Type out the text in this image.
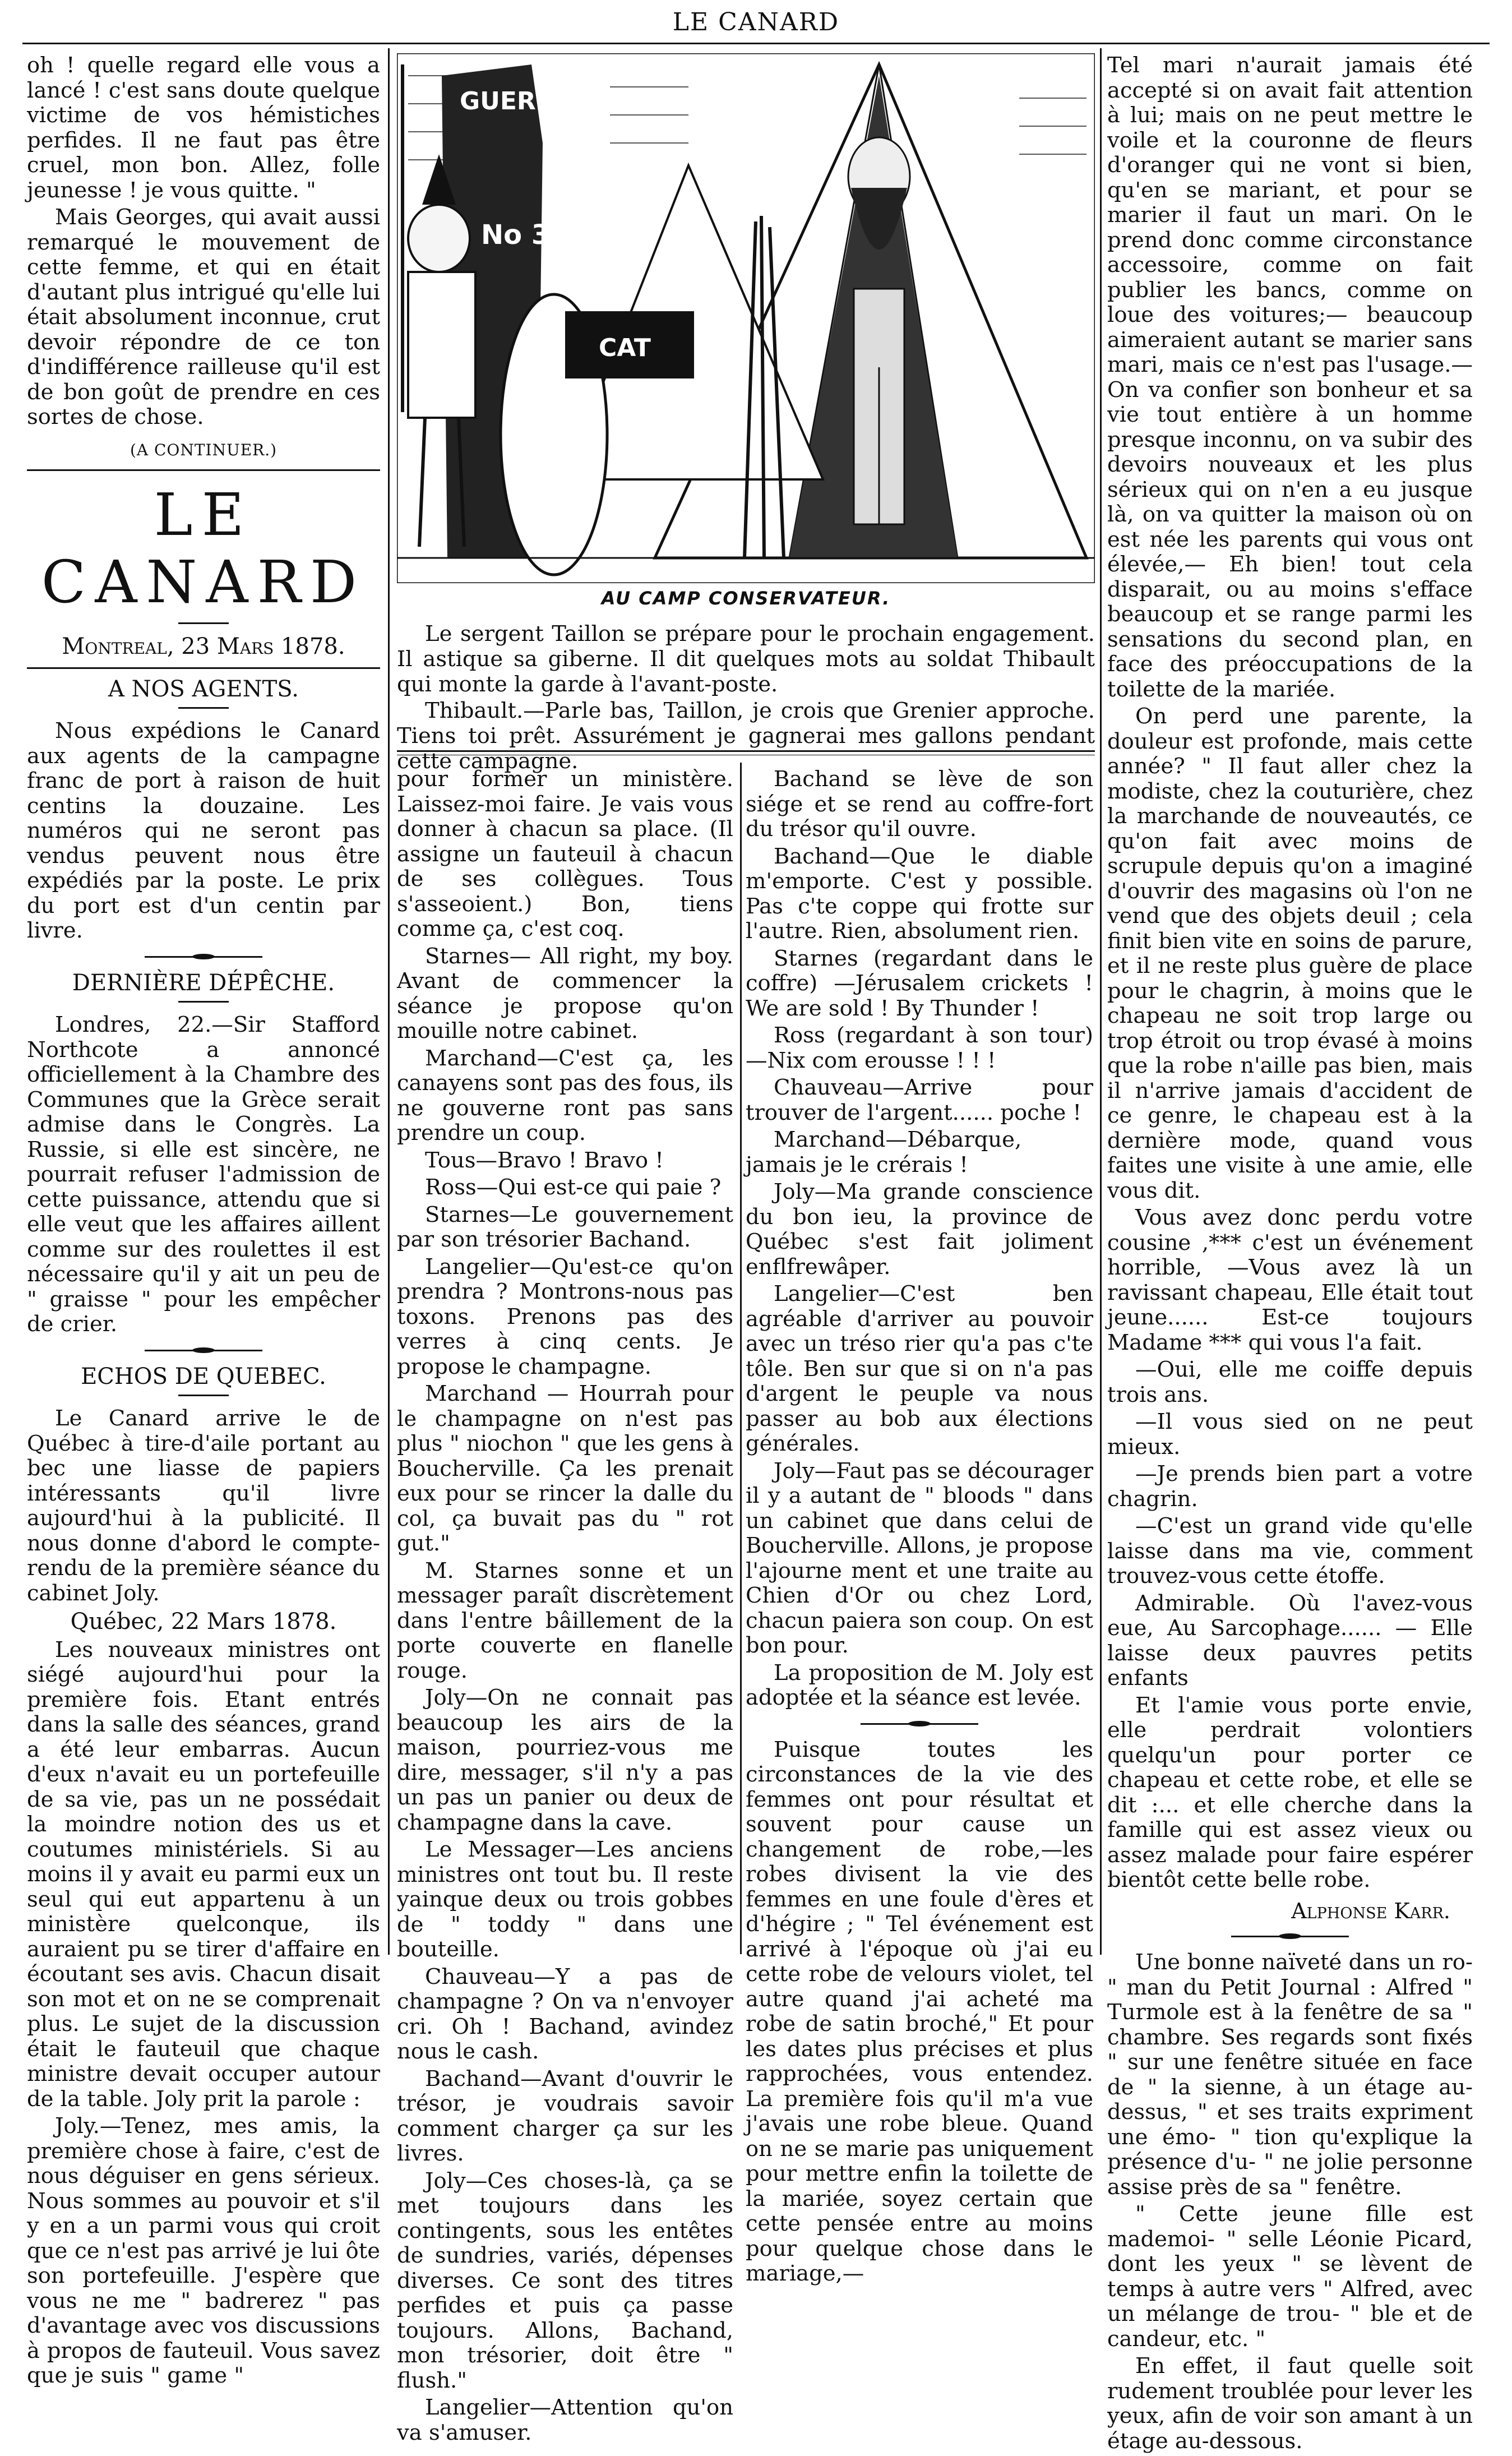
LE CANARD

oh ! quelle regard elle vous a lancé ! c'est sans doute quelque victime de vos hémistiches perfides. Il ne faut pas être cruel, mon bon. Allez, folle jeunesse ! je vous quitte. "

Mais Georges, qui avait aussi remarqué le mouvement de cette femme, et qui en était d'autant plus intrigué qu'elle lui était absolument inconnue, crut devoir répondre de ce ton d'indifférence railleuse qu'il est de bon goût de prendre en ces sortes de chose.

(A CONTINUER.)
LE CANARD
Montreal, 23 Mars 1878.
A NOS AGENTS.

Nous expédions le Canard aux agents de la campagne franc de port à raison de huit centins la douzaine. Les numéros qui ne seront pas vendus peuvent nous être expédiés par la poste. Le prix du port est d'un centin par livre.

DERNIÈRE DÉPÊCHE.

Londres, 22.—Sir Stafford Northcote a annoncé officiellement à la Chambre des Communes que la Grèce serait admise dans le Congrès. La Russie, si elle est sincère, ne pourrait refuser l'admission de cette puissance, attendu que si elle veut que les affaires aillent comme sur des roulettes il est nécessaire qu'il y ait un peu de " graisse " pour les empêcher de crier.

ECHOS DE QUEBEC.

Le Canard arrive le de Québec à tire-d'aile portant au bec une liasse de papiers intéressants qu'il livre aujourd'hui à la publicité. Il nous donne d'abord le compte-rendu de la première séance du cabinet Joly.

Québec, 22 Mars 1878.

Les nouveaux ministres ont siégé aujourd'hui pour la première fois. Etant entrés dans la salle des séances, grand a été leur embarras. Aucun d'eux n'avait eu un portefeuille de sa vie, pas un ne possédait la moindre notion des us et coutumes ministériels. Si au moins il y avait eu parmi eux un seul qui eut appartenu à un ministère quelconque, ils auraient pu se tirer d'affaire en écoutant ses avis. Chacun disait son mot et on ne se comprenait plus. Le sujet de la discussion était le fauteuil que chaque ministre devait occuper autour de la table. Joly prit la parole :

Joly.—Tenez, mes amis, la première chose à faire, c'est de nous déguiser en gens sérieux. Nous sommes au pouvoir et s'il y en a un parmi vous qui croit que ce n'est pas arrivé je lui ôte son portefeuille. J'espère que vous ne me " badrerez " pas d'avantage avec vos discussions à propos de fauteuil. Vous savez que je suis " game "

GUERITE
No 36
CAT
AU CAMP CONSERVATEUR.

Le sergent Taillon se prépare pour le prochain engagement. Il astique sa giberne. Il dit quelques mots au soldat Thibault qui monte la garde à l'avant-poste.

Thibault.—Parle bas, Taillon, je crois que Grenier approche. Tiens toi prêt. Assurément je gagnerai mes gallons pendant cette campagne.

pour former un ministère. Laissez-moi faire. Je vais vous donner à chacun sa place. (Il assigne un fauteuil à chacun de ses collègues. Tous s'asseoient.) Bon, tiens comme ça, c'est coq.

Starnes— All right, my boy. Avant de commencer la séance je propose qu'on mouille notre cabinet.

Marchand—C'est ça, les canayens sont pas des fous, ils ne gouverne ront pas sans prendre un coup.

Tous—Bravo ! Bravo !

Ross—Qui est-ce qui paie ?

Starnes—Le gouvernement par son trésorier Bachand.

Langelier—Qu'est-ce qu'on prendra ? Montrons-nous pas toxons. Prenons pas des verres à cinq cents. Je propose le champagne.

Marchand — Hourrah pour le champagne on n'est pas plus " niochon " que les gens à Boucherville. Ça les prenait eux pour se rincer la dalle du col, ça buvait pas du " rot gut."

M. Starnes sonne et un messager paraît discrètement dans l'entre bâillement de la porte couverte en flanelle rouge.

Joly—On ne connait pas beaucoup les airs de la maison, pourriez-vous me dire, messager, s'il n'y a pas un pas un panier ou deux de champagne dans la cave.

Le Messager—Les anciens ministres ont tout bu. Il reste yainque deux ou trois gobbes de " toddy " dans une bouteille.

Chauveau—Y a pas de champagne ? On va n'envoyer cri. Oh ! Bachand, avindez nous le cash.

Bachand—Avant d'ouvrir le trésor, je voudrais savoir comment charger ça sur les livres.

Joly—Ces choses-là, ça se met toujours dans les contingents, sous les entêtes de sundries, variés, dépenses diverses. Ce sont des titres perfides et puis ça passe toujours. Allons, Bachand, mon trésorier, doit être " flush."

Langelier—Attention qu'on va s'amuser.

Bachand se lève de son siége et se rend au coffre-fort du trésor qu'il ouvre.

Bachand—Que le diable m'emporte. C'est y possible. Pas c'te coppe qui frotte sur l'autre. Rien, absolument rien.

Starnes (regardant dans le coffre) —Jérusalem crickets ! We are sold ! By Thunder !

Ross (regardant à son tour)—Nix com erousse ! ! !

Chauveau—Arrive pour trouver de l'argent...... poche !

Marchand—Débarque, jamais je le crérais !

Joly—Ma grande conscience du bon ieu, la province de Québec s'est fait joliment enflfrewâper.

Langelier—C'est ben agréable d'arriver au pouvoir avec un tréso rier qu'a pas c'te tôle. Ben sur que si on n'a pas d'argent le peuple va nous passer au bob aux élections générales.

Joly—Faut pas se décourager il y a autant de " bloods " dans un cabinet que dans celui de Boucherville. Allons, je propose l'ajourne ment et une traite au Chien d'Or ou chez Lord, chacun paiera son coup. On est bon pour.

La proposition de M. Joly est adoptée et la séance est levée.

Puisque toutes les circonstances de la vie des femmes ont pour résultat et souvent pour cause un changement de robe,—les robes divisent la vie des femmes en une foule d'ères et d'hégire ; " Tel événement est arrivé à l'époque où j'ai eu cette robe de velours violet, tel autre quand j'ai acheté ma robe de satin broché," Et pour les dates plus précises et plus rapprochées, vous entendez. La première fois qu'il m'a vue j'avais une robe bleue. Quand on ne se marie pas uniquement pour mettre enfin la toilette de la mariée, soyez certain que cette pensée entre au moins pour quelque chose dans le mariage,—

Tel mari n'aurait jamais été accepté si on avait fait attention à lui; mais on ne peut mettre le voile et la couronne de fleurs d'oranger qui ne vont si bien, qu'en se mariant, et pour se marier il faut un mari. On le prend donc comme circonstance accessoire, comme on fait publier les bancs, comme on loue des voitures;— beaucoup aimeraient autant se marier sans mari, mais ce n'est pas l'usage.— On va confier son bonheur et sa vie tout entière à un homme presque inconnu, on va subir des devoirs nouveaux et les plus sérieux qui on n'en a eu jusque là, on va quitter la maison où on est née les parents qui vous ont élevée,— Eh bien! tout cela disparait, ou au moins s'efface beaucoup et se range parmi les sensations du second plan, en face des préoccupations de la toilette de la mariée.

On perd une parente, la douleur est profonde, mais cette année? " Il faut aller chez la modiste, chez la couturière, chez la marchande de nouveautés, ce qu'on fait avec moins de scrupule depuis qu'on a imaginé d'ouvrir des magasins où l'on ne vend que des objets deuil ; cela finit bien vite en soins de parure, et il ne reste plus guère de place pour le chagrin, à moins que le chapeau ne soit trop large ou trop étroit ou trop évasé à moins que la robe n'aille pas bien, mais il n'arrive jamais d'accident de ce genre, le chapeau est à la dernière mode, quand vous faites une visite à une amie, elle vous dit.

Vous avez donc perdu votre cousine ,*** c'est un événement horrible, —Vous avez là un ravissant chapeau, Elle était tout jeune...... Est-ce toujours Madame *** qui vous l'a fait.

—Oui, elle me coiffe depuis trois ans.

—Il vous sied on ne peut mieux.

—Je prends bien part a votre chagrin.

—C'est un grand vide qu'elle laisse dans ma vie, comment trouvez-vous cette étoffe.

Admirable. Où l'avez-vous eue, Au Sarcophage...... — Elle laisse deux pauvres petits enfants

Et l'amie vous porte envie, elle perdrait volontiers quelqu'un pour porter ce chapeau et cette robe, et elle se dit :... et elle cherche dans la famille qui est assez vieux ou assez malade pour faire espérer bientôt cette belle robe.

Alphonse Karr.

Une bonne naïveté dans un ro- " man du Petit Journal : Alfred " Turmole est à la fenêtre de sa " chambre. Ses regards sont fixés " sur une fenêtre située en face de " la sienne, à un étage au-dessus, " et ses traits expriment une émo- " tion qu'explique la présence d'u- " ne jolie personne assise près de sa " fenêtre.

" Cette jeune fille est mademoi- " selle Léonie Picard, dont les yeux " se lèvent de temps à autre vers " Alfred, avec un mélange de trou- " ble et de candeur, etc. "

En effet, il faut quelle soit rudement troublée pour lever les yeux, afin de voir son amant à un étage au-dessous.
